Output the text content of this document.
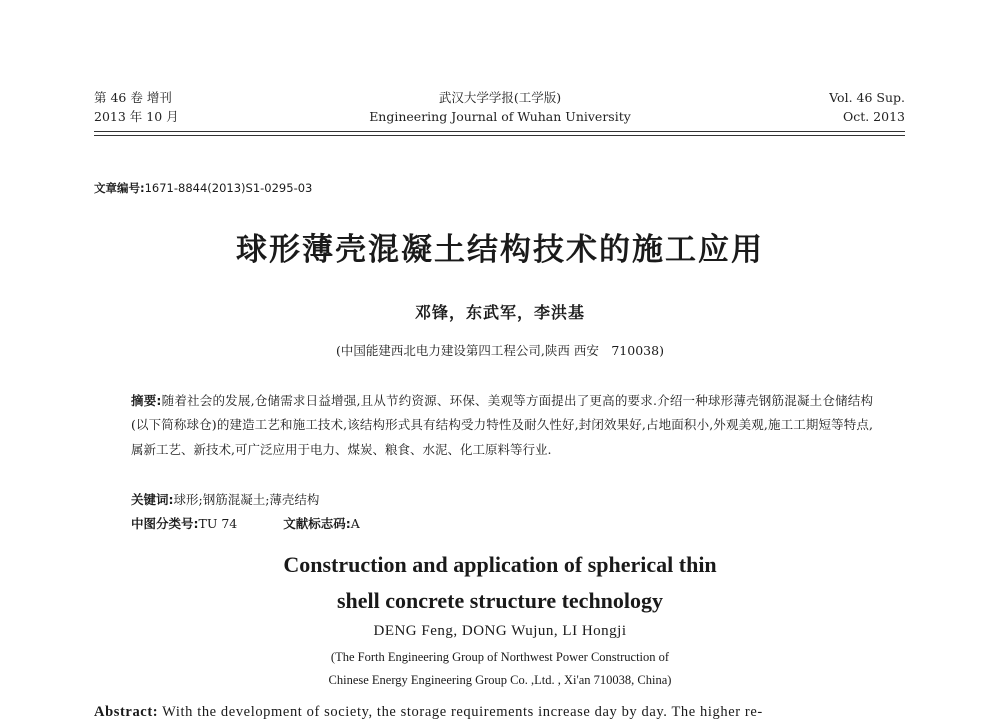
第 46 卷 增刊
2013 年 10 月
武汉大学学报(工学版)
Engineering Journal of Wuhan University
Vol. 46 Sup.
Oct. 2013
文章编号:1671-8844(2013)S1-0295-03
球形薄壳混凝土结构技术的施工应用
邓锋，东武军，李洪基
(中国能建西北电力建设第四工程公司,陕西 西安　710038)
摘要:随着社会的发展,仓储需求日益增强,且从节约资源、环保、美观等方面提出了更高的要求.介绍一种球形薄壳钢筋混凝土仓储结构(以下简称球仓)的建造工艺和施工技术,该结构形式具有结构受力特性及耐久性好,封闭效果好,占地面积小,外观美观,施工工期短等特点,属新工艺、新技术,可广泛应用于电力、煤炭、粮食、水泥、化工原料等行业.
关键词:球形;钢筋混凝土;薄壳结构
中图分类号:TU 74	文献标志码:A
Construction and application of spherical thin
shell concrete structure technology
DENG Feng, DONG Wujun, LI Hongji
(The Forth Engineering Group of Northwest Power Construction of
Chinese Energy Engineering Group Co. ,Ltd. , Xi'an 710038, China)
Abstract: With the development of society, the storage requirements increase day by day. The higher re-
